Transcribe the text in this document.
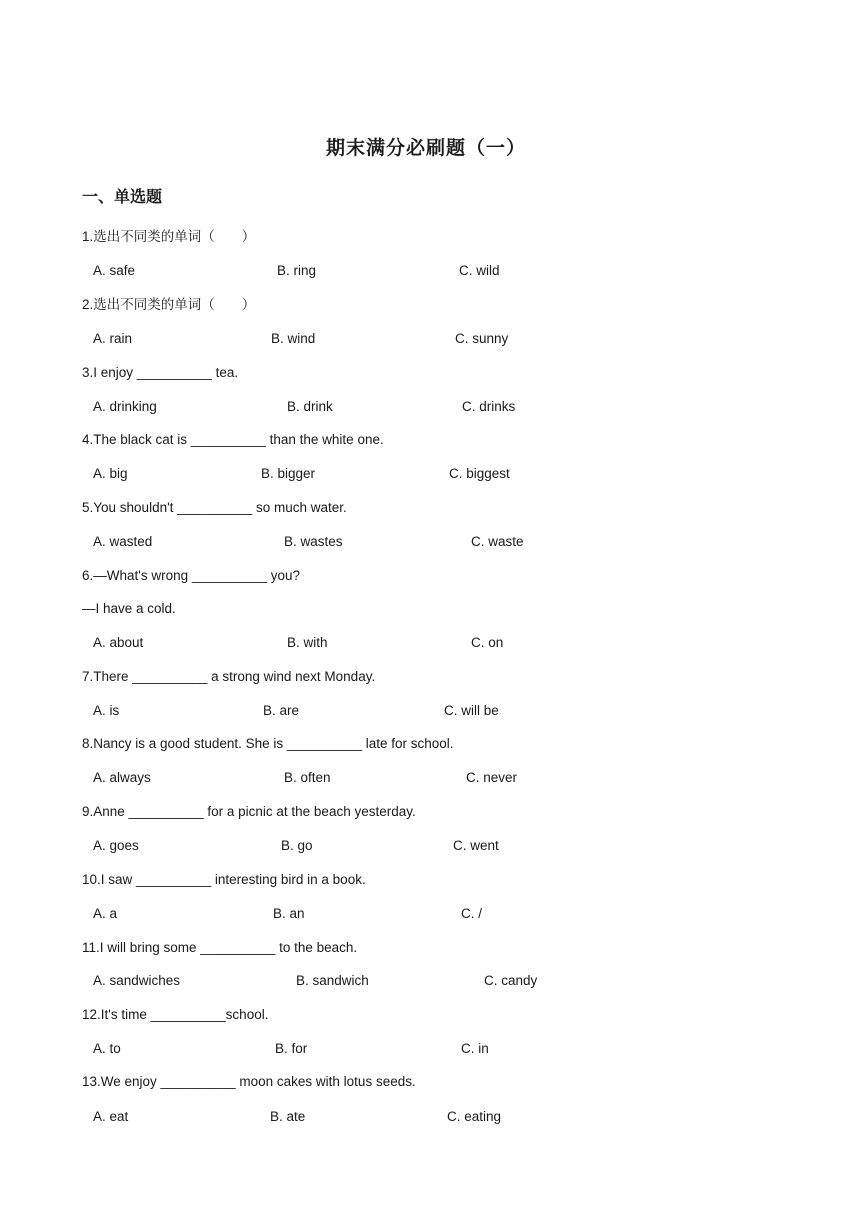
期末满分必刷题（一）
一、单选题
1.选出不同类的单词（　　）
A. safe	B. ring	C. wild
2.选出不同类的单词（　　）
A. rain	B. wind	C. sunny
3.I enjoy __________ tea.
A. drinking	B. drink	C. drinks
4.The black cat is __________ than the white one.
A. big	B. bigger	C. biggest
5.You shouldn't __________ so much water.
A. wasted	B. wastes	C. waste
6.—What's wrong __________ you?
—I have a cold.
A. about	B. with	C. on
7.There __________ a strong wind next Monday.
A. is	B. are	C. will be
8.Nancy is a good student. She is __________ late for school.
A. always	B. often	C. never
9.Anne __________ for a picnic at the beach yesterday.
A. goes	B. go	C. went
10.I saw __________ interesting bird in a book.
A. a	B. an	C. /
11.I will bring some __________ to the beach.
A. sandwiches	B. sandwich	C. candy
12.It's time __________school.
A. to	B. for	C. in
13.We enjoy __________ moon cakes with lotus seeds.
A. eat	B. ate	C. eating
